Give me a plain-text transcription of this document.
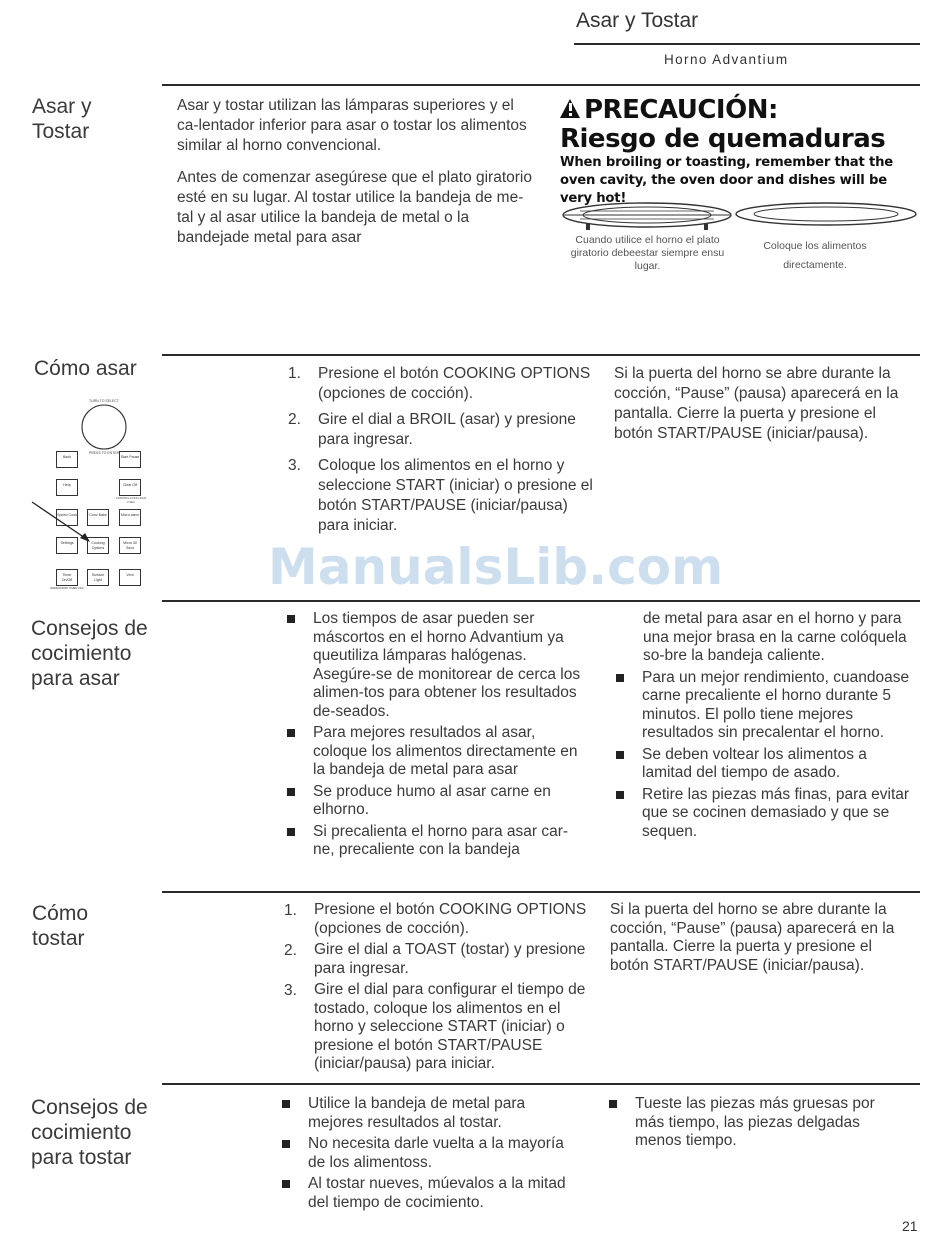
Asar y Tostar
Horno Advantium
Asar y Tostar

Asar y tostar utilizan las lámparas superiores y el ca-lentador inferior para asar o tostar los alimentos similar al horno convencional.

Antes de comenzar asegúrese que el plato giratorio esté en su lugar. Al tostar utilice la bandeja de me-tal y al asar utilice la bandeja de metal o la bandejade metal para asar

PRECAUCIÓN:
Riesgo de quemaduras
When broiling or toasting, remember that the oven cavity, the oven door and dishes will be very hot!
Cuando utilice el horno el plato giratorio debeestar siempre ensu lugar.
Coloque los alimentos directamente.
Cómo asar
TURN TO SELECT
PRESS TO ENTER
Back	Start Pause
Help	Clear Off
CONTROL LOCK HOLD 3 SEC
Speed Cook	Conv Bake	Micro wave
Settings	Cooking Options
Micro 30 Secs
Timer On/Off
Surface Light
Vent
WARM/CRISP TIMER OFF
1.	Presione el botón COOKING OPTIONS (opciones de cocción).
2.	Gire el dial a BROIL (asar) y presione para ingresar.
3.	Coloque los alimentos en el horno y seleccione START (iniciar) o presione el botón START/PAUSE (iniciar/pausa) para iniciar.
Si la puerta del horno se abre durante la cocción, “Pause” (pausa) aparecerá en la pantalla. Cierre la puerta y presione el botón START/PAUSE (iniciar/pausa).
ManualsLib.com
Consejos de cocimiento para asar
Los tiempos de asar pueden ser máscortos en el horno Advantium ya queutiliza lámparas halógenas. Asegúre-se de monitorear de cerca los alimen-tos para obtener los resultados de-seados.
Para mejores resultados al asar, coloque los alimentos directamente en la bandeja de metal para asar
Se produce humo al asar carne en elhorno.
Si precalienta el horno para asar car-ne, precaliente con la bandeja
de metal para asar en el horno y para una mejor brasa en la carne colóquela so-bre la bandeja caliente.
Para un mejor rendimiento, cuandoase carne precaliente el horno durante 5 minutos. El pollo tiene mejores resultados sin precalentar el horno.
Se deben voltear los alimentos a lamitad del tiempo de asado.
Retire las piezas más finas, para evitar que se cocinen demasiado y que se sequen.
Cómo tostar
1.	Presione el botón COOKING OPTIONS (opciones de cocción).
2.	Gire el dial a TOAST (tostar) y presione para ingresar.
3.	Gire el dial para configurar el tiempo de tostado, coloque los alimentos en el horno y seleccione START (iniciar) o presione el botón START/PAUSE (iniciar/pausa) para iniciar.
Si la puerta del horno se abre durante la cocción, “Pause” (pausa) aparecerá en la pantalla. Cierre la puerta y presione el botón START/PAUSE (iniciar/pausa).
Consejos de cocimiento para tostar
Utilice la bandeja de metal para mejores resultados al tostar.
No necesita darle vuelta a la mayoría de los alimentoss.
Al tostar nueves, múevalos a la mitad del tiempo de cocimiento.
Tueste las piezas más gruesas por más tiempo, las piezas delgadas menos tiempo.
21
